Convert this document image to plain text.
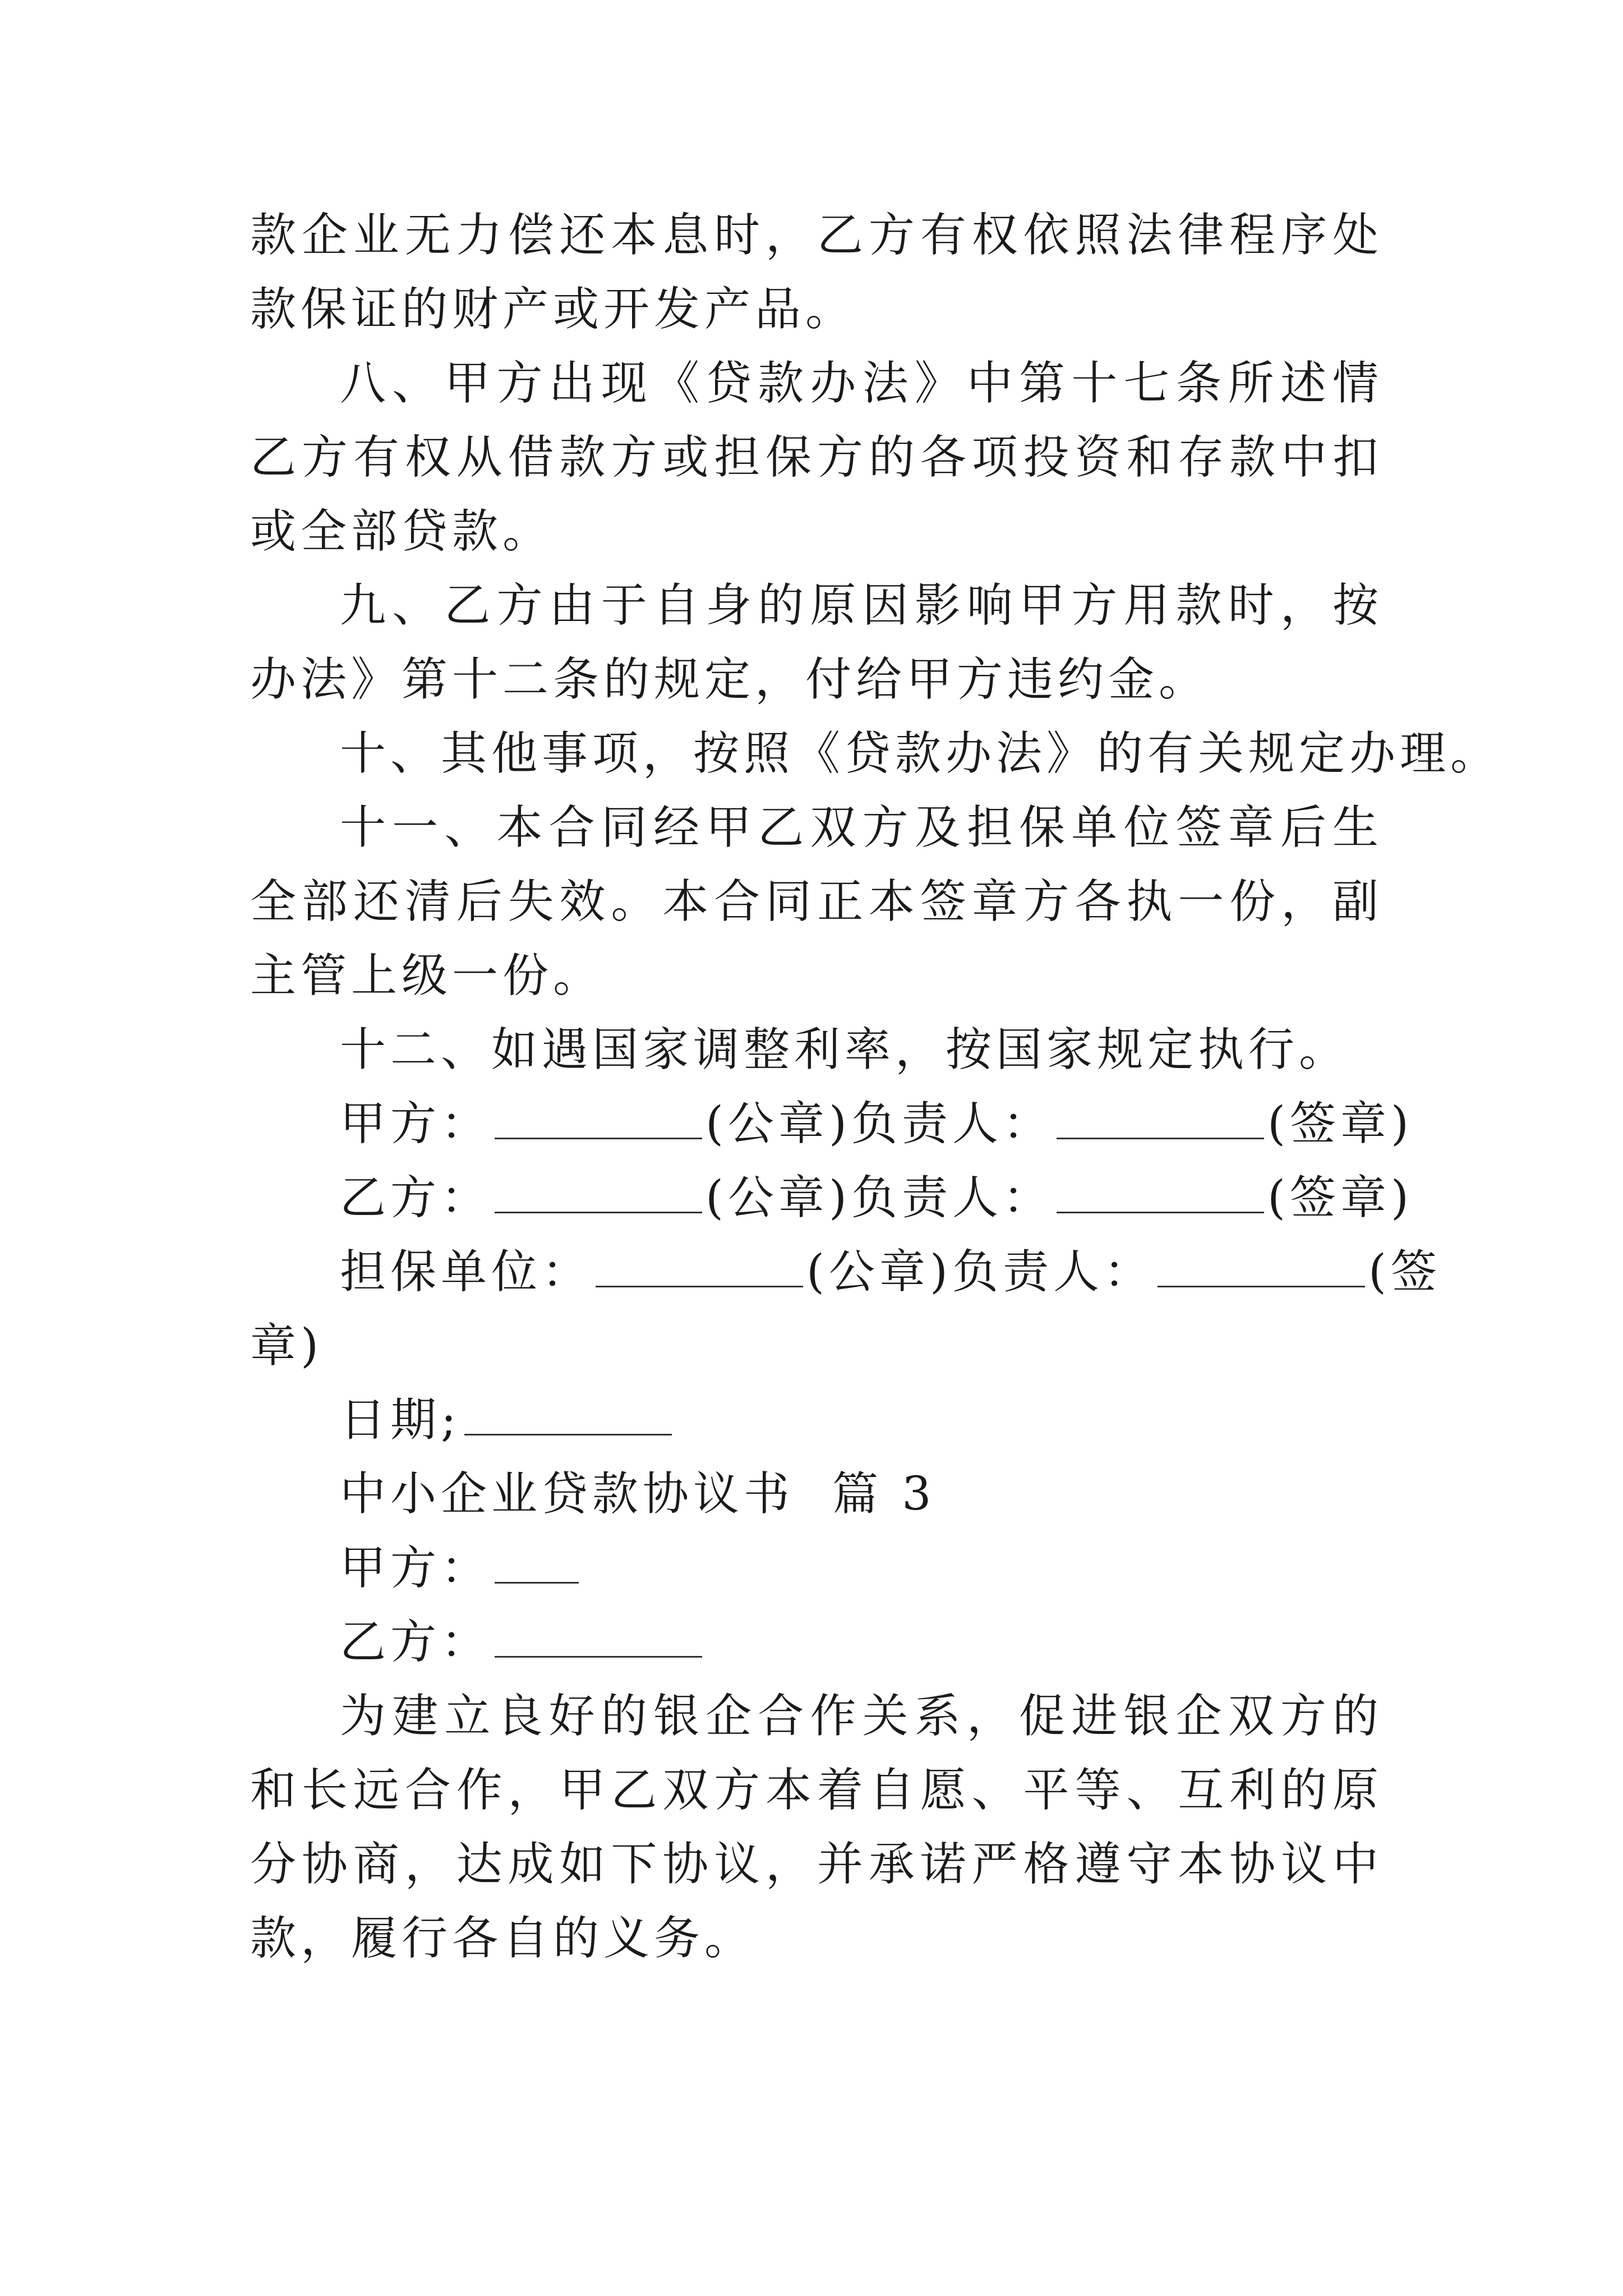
款企业无力偿还本息时，乙方有权依照法律程序处
款保证的财产或开发产品。
八、甲方出现《贷款办法》中第十七条所述情
乙方有权从借款方或担保方的各项投资和存款中扣
或全部贷款。
九、乙方由于自身的原因影响甲方用款时，按
办法》第十二条的规定，付给甲方违约金。
十、其他事项，按照《贷款办法》的有关规定办理。
十一、本合同经甲乙双方及担保单位签章后生
全部还清后失效。本合同正本签章方各执一份，副
主管上级一份。
十二、如遇国家调整利率，按国家规定执行。
甲方：	(公章)负责人：	(签章)
乙方：	(公章)负责人：	(签章)
担保单位：	(公章)负责人：	(签
章)
日期;
中小企业贷款协议书  篇 3
甲方：
乙方：
为建立良好的银企合作关系，促进银企双方的
和长远合作，甲乙双方本着自愿、平等、互利的原
分协商，达成如下协议，并承诺严格遵守本协议中
款，履行各自的义务。
